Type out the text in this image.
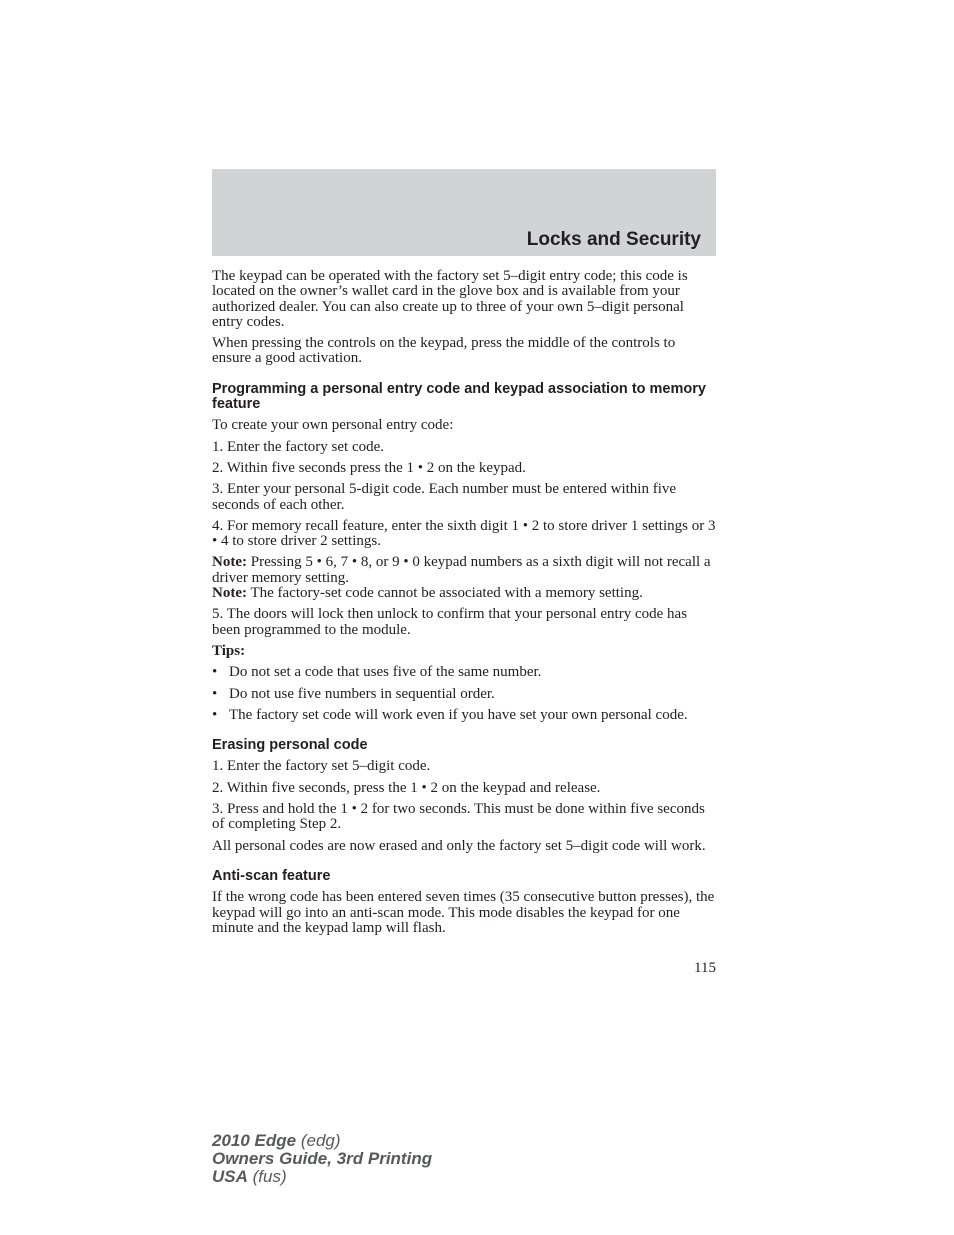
Locks and Security

The keypad can be operated with the factory set 5–digit entry code; this code is located on the owner’s wallet card in the glove box and is available from your authorized dealer. You can also create up to three of your own 5–digit personal entry codes.

When pressing the controls on the keypad, press the middle of the controls to ensure a good activation.

Programming a personal entry code and keypad association to memory feature

To create your own personal entry code:

1. Enter the factory set code.

2. Within five seconds press the 1 • 2 on the keypad.

3. Enter your personal 5-digit code. Each number must be entered within five seconds of each other.

4. For memory recall feature, enter the sixth digit 1 • 2 to store driver 1 settings or 3 • 4 to store driver 2 settings.

Note: Pressing 5 • 6, 7 • 8, or 9 • 0 keypad numbers as a sixth digit will not recall a driver memory setting.

Note: The factory-set code cannot be associated with a memory setting.

5. The doors will lock then unlock to confirm that your personal entry code has been programmed to the module.

Tips:

• Do not set a code that uses five of the same number.
• Do not use five numbers in sequential order.
• The factory set code will work even if you have set your own personal code.
Erasing personal code

1. Enter the factory set 5–digit code.

2. Within five seconds, press the 1 • 2 on the keypad and release.

3. Press and hold the 1 • 2 for two seconds. This must be done within five seconds of completing Step 2.

All personal codes are now erased and only the factory set 5–digit code will work.

Anti-scan feature

If the wrong code has been entered seven times (35 consecutive button presses), the keypad will go into an anti-scan mode. This mode disables the keypad for one minute and the keypad lamp will flash.

115
2010 Edge (edg)
Owners Guide, 3rd Printing
USA (fus)
